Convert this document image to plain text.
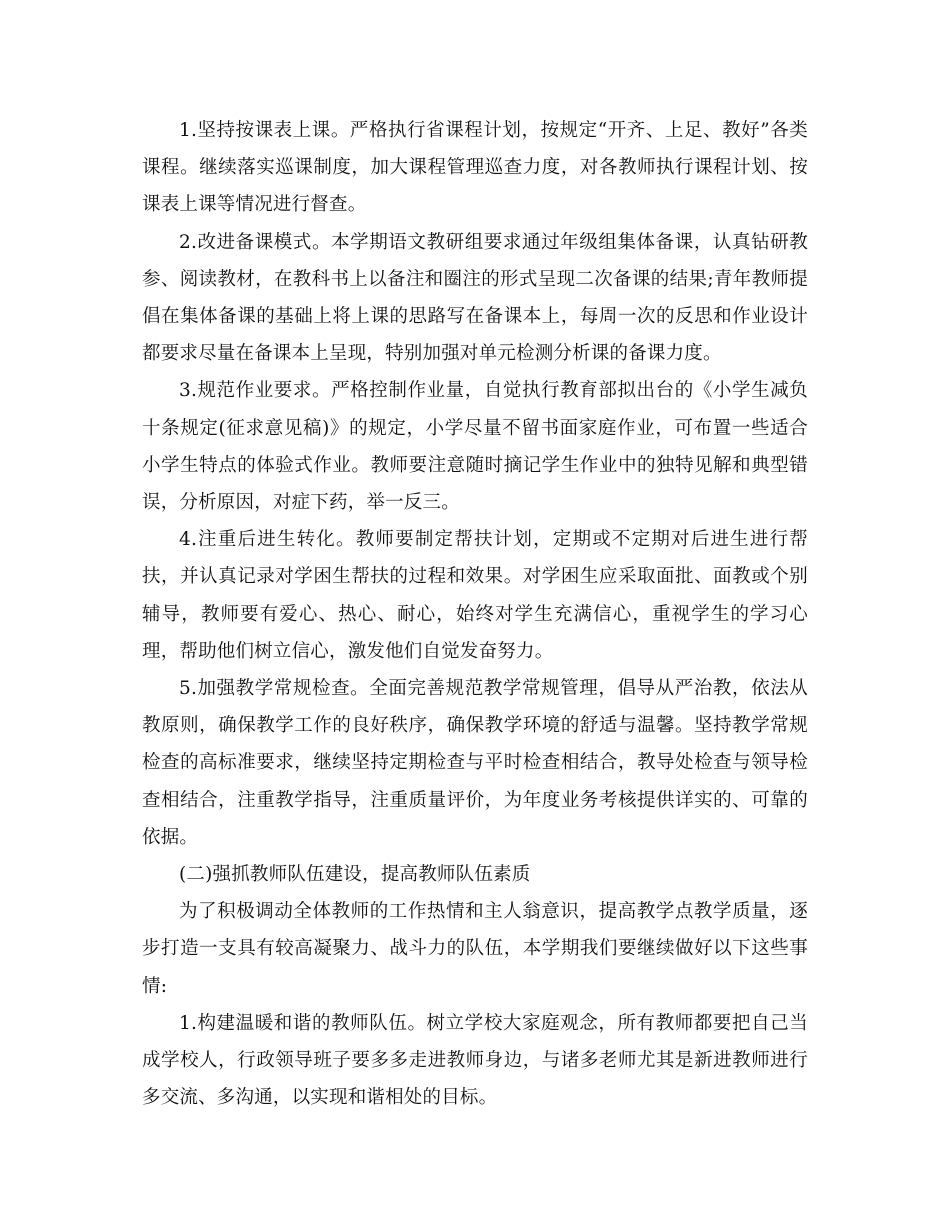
1.坚持按课表上课。严格执行省课程计划，按规定“开齐、上足、教好”各类课程。继续落实巡课制度，加大课程管理巡查力度，对各教师执行课程计划、按课表上课等情况进行督查。

2.改进备课模式。本学期语文教研组要求通过年级组集体备课，认真钻研教参、阅读教材，在教科书上以备注和圈注的形式呈现二次备课的结果;青年教师提倡在集体备课的基础上将上课的思路写在备课本上，每周一次的反思和作业设计都要求尽量在备课本上呈现，特别加强对单元检测分析课的备课力度。

3.规范作业要求。严格控制作业量，自觉执行教育部拟出台的《小学生减负十条规定(征求意见稿)》的规定，小学尽量不留书面家庭作业，可布置一些适合小学生特点的体验式作业。教师要注意随时摘记学生作业中的独特见解和典型错误，分析原因，对症下药，举一反三。

4.注重后进生转化。教师要制定帮扶计划，定期或不定期对后进生进行帮扶，并认真记录对学困生帮扶的过程和效果。对学困生应采取面批、面教或个别辅导，教师要有爱心、热心、耐心，始终对学生充满信心，重视学生的学习心理，帮助他们树立信心，激发他们自觉发奋努力。

5.加强教学常规检查。全面完善规范教学常规管理，倡导从严治教，依法从教原则，确保教学工作的良好秩序，确保教学环境的舒适与温馨。坚持教学常规检查的高标准要求，继续坚持定期检查与平时检查相结合，教导处检查与领导检查相结合，注重教学指导，注重质量评价，为年度业务考核提供详实的、可靠的依据。

(二)强抓教师队伍建设，提高教师队伍素质

为了积极调动全体教师的工作热情和主人翁意识，提高教学点教学质量，逐步打造一支具有较高凝聚力、战斗力的队伍，本学期我们要继续做好以下这些事情:

1.构建温暖和谐的教师队伍。树立学校大家庭观念，所有教师都要把自己当成学校人，行政领导班子要多多走进教师身边，与诸多老师尤其是新进教师进行多交流、多沟通，以实现和谐相处的目标。
